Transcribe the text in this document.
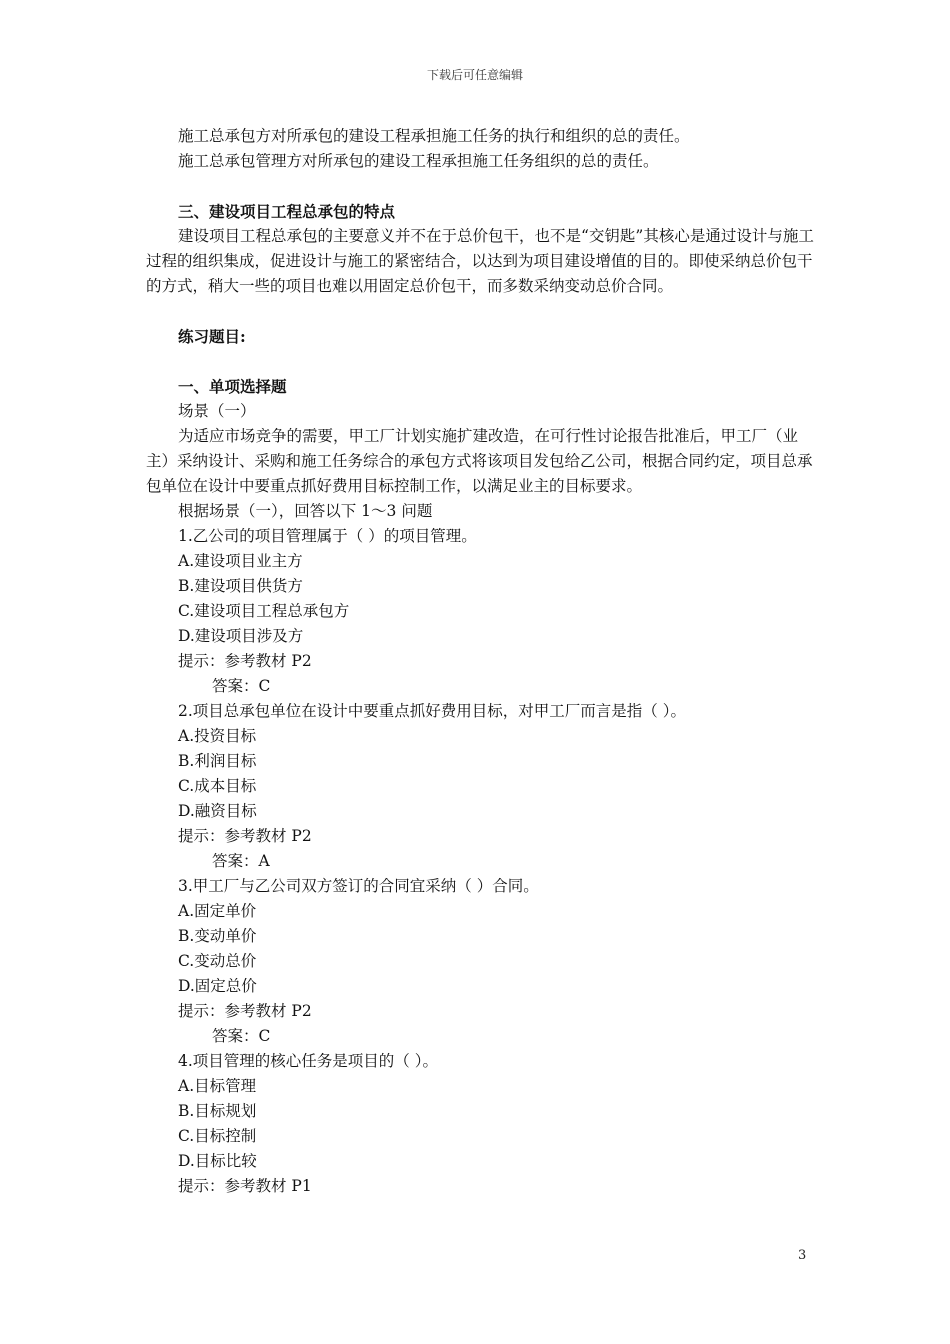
下载后可任意编辑

施工总承包方对所承包的建设工程承担施工任务的执行和组织的总的责任。

施工总承包管理方对所承包的建设工程承担施工任务组织的总的责任。

三、建设项目工程总承包的特点

建设项目工程总承包的主要意义并不在于总价包干，也不是“交钥匙”其核心是通过设计与施工过程的组织集成，促进设计与施工的紧密结合，以达到为项目建设增值的目的。即使采纳总价包干的方式，稍大一些的项目也难以用固定总价包干，而多数采纳变动总价合同。

练习题目:

一、单项选择题

场景（一）

为适应市场竞争的需要，甲工厂计划实施扩建改造，在可行性讨论报告批准后，甲工厂（业主）采纳设计、采购和施工任务综合的承包方式将该项目发包给乙公司，根据合同约定，项目总承包单位在设计中要重点抓好费用目标控制工作，以满足业主的目标要求。

根据场景（一），回答以下 1～3 问题

1.乙公司的项目管理属于（ ）的项目管理。

A.建设项目业主方

B.建设项目供货方

C.建设项目工程总承包方

D.建设项目涉及方

提示：参考教材 P2

答案：C

2.项目总承包单位在设计中要重点抓好费用目标，对甲工厂而言是指（ ）。

A.投资目标

B.利润目标

C.成本目标

D.融资目标

提示：参考教材 P2

答案：A

3.甲工厂与乙公司双方签订的合同宜采纳（ ）合同。

A.固定单价

B.变动单价

C.变动总价

D.固定总价

提示：参考教材 P2

答案：C

4.项目管理的核心任务是项目的（ ）。

A.目标管理

B.目标规划

C.目标控制

D.目标比较

提示：参考教材 P1

3
